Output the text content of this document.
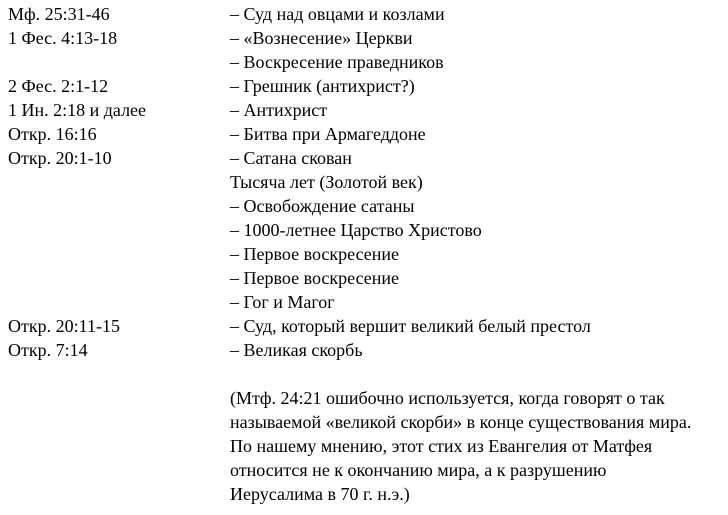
Мф. 25:31-46	– Суд над овцами и козлами
1 Фес. 4:13-18	– «Вознесение» Церкви
– Воскресение праведников
2 Фес. 2:1-12	– Грешник (антихрист?)
1 Ин. 2:18 и далее	– Антихрист
Откр. 16:16	– Битва при Армагеддоне
Откр. 20:1-10	– Сатана скован
Тысяча лет (Золотой век)
– Освобождение сатаны
– 1000-летнее Царство Христово
– Первое воскресение
– Первое воскресение
– Гог и Магог
Откр. 20:11-15	– Суд, который вершит великий белый престол
Откр. 7:14	– Великая скорбь
(Мтф. 24:21 ошибочно используется, когда говорят о так
называемой «великой скорби» в конце существования мира.
По нашему мнению, этот стих из Евангелия от Матфея
относится не к окончанию мира, а к разрушению
Иерусалима в 70 г. н.э.)
